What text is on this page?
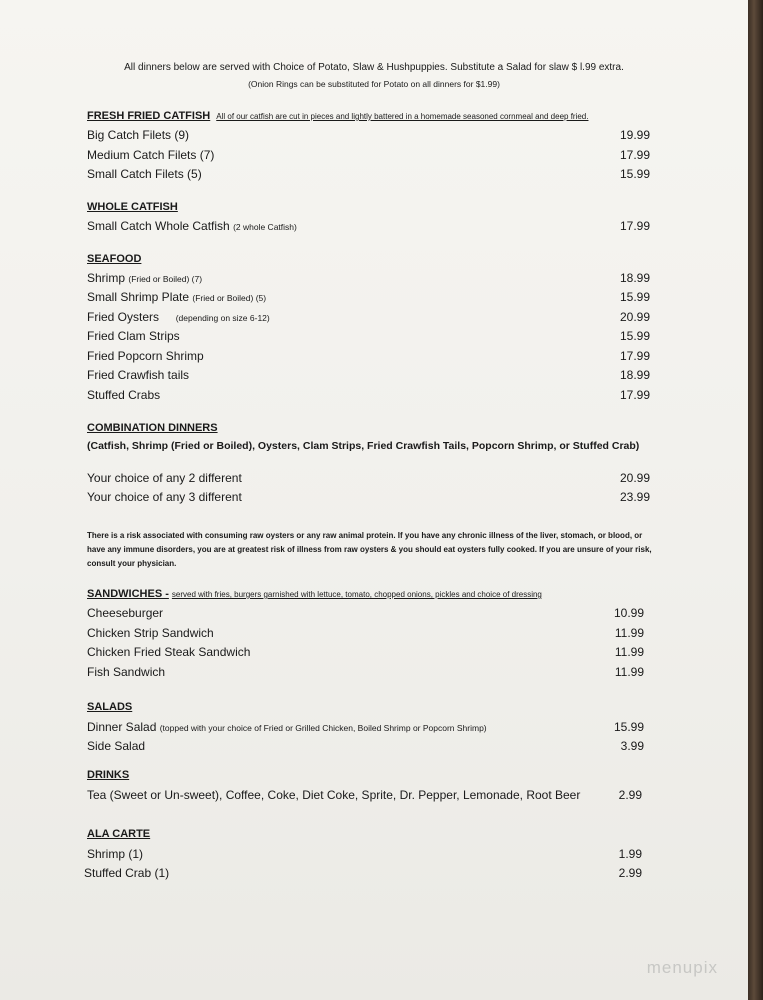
All dinners below are served with Choice of Potato, Slaw & Hushpuppies. Substitute a Salad for slaw $ l.99 extra.
(Onion Rings can be substituted for Potato on all dinners for $1.99)
FRESH FRIED CATFISH All of our catfish are cut in pieces and lightly battered in a homemade seasoned cornmeal and deep fried.
Big Catch Filets (9)	19.99
Medium Catch Filets (7)	17.99
Small Catch Filets (5)	15.99
WHOLE CATFISH
Small Catch Whole Catfish (2 whole Catfish)	17.99
SEAFOOD
Shrimp (Fried or Boiled) (7)	18.99
Small Shrimp Plate (Fried or Boiled) (5)	15.99
Fried Oysters (depending on size 6-12)	20.99
Fried Clam Strips	15.99
Fried Popcorn Shrimp	17.99
Fried Crawfish tails	18.99
Stuffed Crabs	17.99
COMBINATION DINNERS
(Catfish, Shrimp (Fried or Boiled), Oysters, Clam Strips, Fried Crawfish Tails, Popcorn Shrimp, or Stuffed Crab)
Your choice of any 2 different	20.99
Your choice of any 3 different	23.99
There is a risk associated with consuming raw oysters or any raw animal protein. If you have any chronic illness of the liver, stomach, or blood, or have any immune disorders, you are at greatest risk of illness from raw oysters & you should eat oysters fully cooked. If you are unsure of your risk, consult your physician.
SANDWICHES - served with fries, burgers garnished with lettuce, tomato, chopped onions, pickles and choice of dressing
Cheeseburger	10.99
Chicken Strip Sandwich	11.99
Chicken Fried Steak Sandwich	11.99
Fish Sandwich	11.99
SALADS
Dinner Salad (topped with your choice of Fried or Grilled Chicken, Boiled Shrimp or Popcorn Shrimp)	15.99
Side Salad	3.99
DRINKS
Tea (Sweet or Un-sweet), Coffee, Coke, Diet Coke, Sprite, Dr. Pepper, Lemonade, Root Beer	2.99
ALA CARTE
Shrimp (1)	1.99
Stuffed Crab (1)	2.99
menupix
